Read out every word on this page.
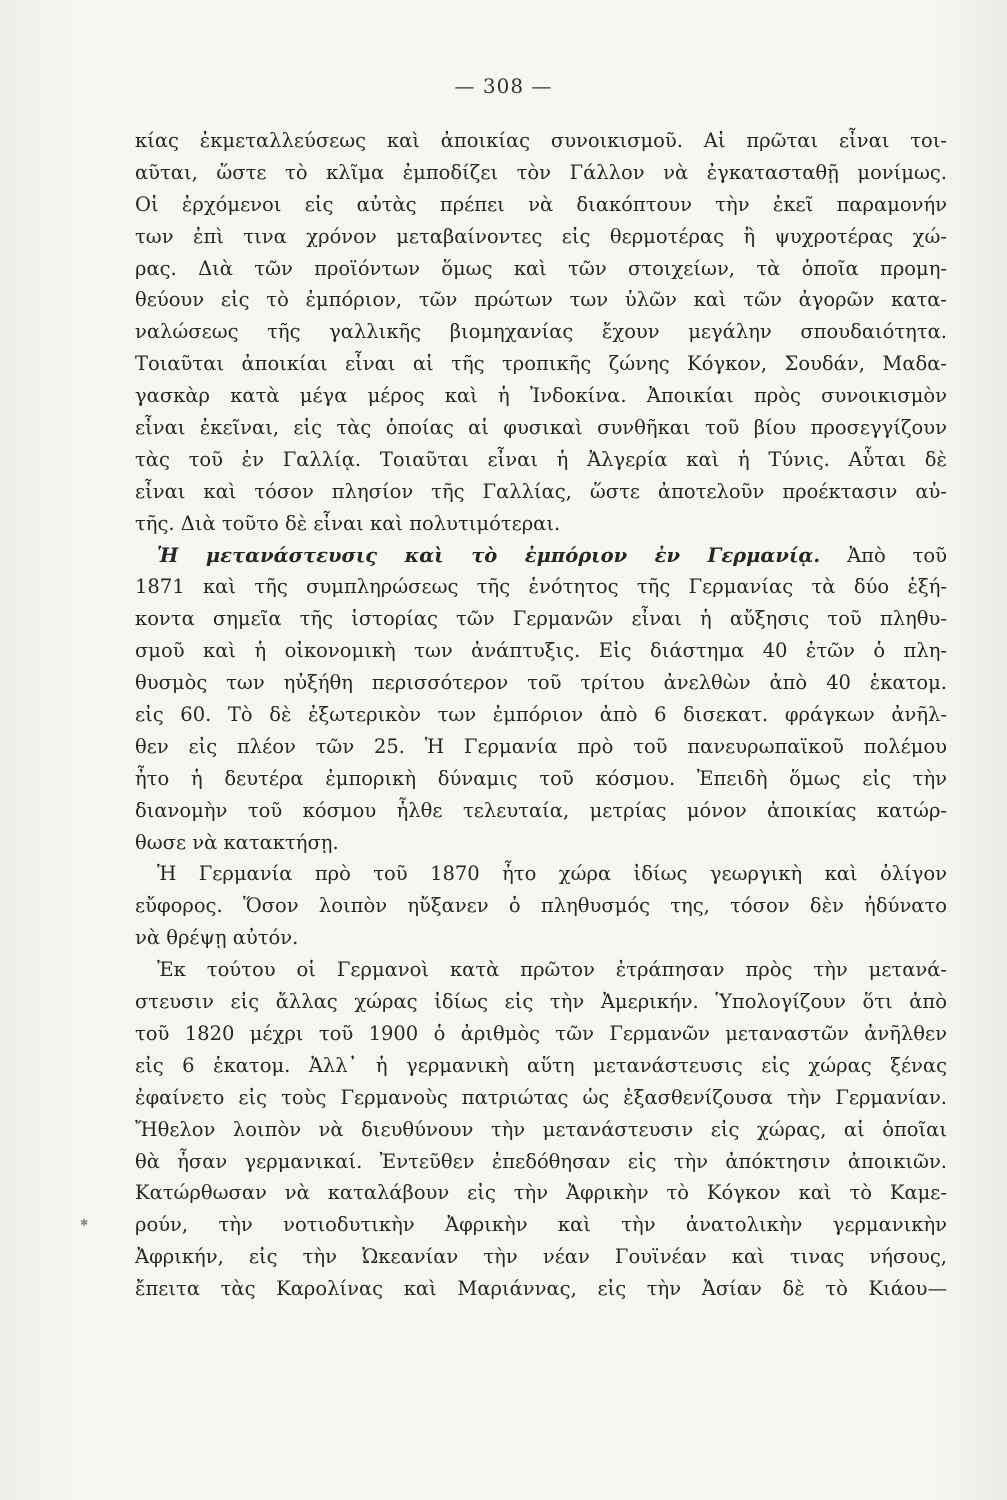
— 308 —
κίας ἐκμεταλλεύσεως καὶ ἀποικίας συνοικισμοῦ. Αἱ πρῶται εἶναι τοι-
αῦται, ὥστε τὸ κλῖμα ἐμποδίζει τὸν Γάλλον νὰ ἐγκατασταθῇ μονίμως.
Οἱ ἐρχόμενοι εἰς αὐτὰς πρέπει νὰ διακόπτουν τὴν ἐκεῖ παραμονήν
των ἐπὶ τινα χρόνον μεταβαίνοντες εἰς θερμοτέρας ἢ ψυχροτέρας χώ-
ρας. Διὰ τῶν προϊόντων ὅμως καὶ τῶν στοιχείων, τὰ ὁποῖα προμη-
θεύουν εἰς τὸ ἐμπόριον, τῶν πρώτων των ὑλῶν καὶ τῶν ἀγορῶν κατα-
ναλώσεως τῆς γαλλικῆς βιομηχανίας ἔχουν μεγάλην σπουδαιότητα.
Τοιαῦται ἀποικίαι εἶναι αἱ τῆς τροπικῆς ζώνης Κόγκον, Σουδάν, Μαδα-
γασκὰρ κατὰ μέγα μέρος καὶ ἡ Ἰνδοκίνα. Ἀποικίαι πρὸς συνοικισμὸν
εἶναι ἐκεῖναι, εἰς τὰς ὁποίας αἱ φυσικαὶ συνθῆκαι τοῦ βίου προσεγγίζουν
τὰς τοῦ ἐν Γαλλίᾳ. Τοιαῦται εἶναι ἡ Ἀλγερία καὶ ἡ Τύνις. Αὗται δὲ
εἶναι καὶ τόσον πλησίον τῆς Γαλλίας, ὥστε ἀποτελοῦν προέκτασιν αὐ-
τῆς. Διὰ τοῦτο δὲ εἶναι καὶ πολυτιμότεραι.
Ἡ μετανάστευσις καὶ τὸ ἐμπόριον ἐν Γερμανίᾳ. Ἀπὸ τοῦ
1871 καὶ τῆς συμπληρώσεως τῆς ἑνότητος τῆς Γερμανίας τὰ δύο ἑξή-
κοντα σημεῖα τῆς ἱστορίας τῶν Γερμανῶν εἶναι ἡ αὔξησις τοῦ πληθυ-
σμοῦ καὶ ἡ οἰκονομικὴ των ἀνάπτυξις. Εἰς διάστημα 40 ἐτῶν ὁ πλη-
θυσμὸς των ηὐξήθη περισσότερον τοῦ τρίτου ἀνελθὼν ἀπὸ 40 ἑκατομ.
εἰς 60. Τὸ δὲ ἐξωτερικὸν των ἐμπόριον ἀπὸ 6 δισεκατ. φράγκων ἀνῆλ-
θεν εἰς πλέον τῶν 25. Ἡ Γερμανία πρὸ τοῦ πανευρωπαϊκοῦ πολέμου
ἦτο ἡ δευτέρα ἐμπορικὴ δύναμις τοῦ κόσμου. Ἐπειδὴ ὅμως εἰς τὴν
διανομὴν τοῦ κόσμου ἦλθε τελευταία, μετρίας μόνον ἀποικίας κατώρ-
θωσε νὰ κατακτήσῃ.
Ἡ Γερμανία πρὸ τοῦ 1870 ἦτο χώρα ἰδίως γεωργικὴ καὶ ὀλίγον
εὔφορος. Ὅσον λοιπὸν ηὔξανεν ὁ πληθυσμός της, τόσον δὲν ἠδύνατο
νὰ θρέψῃ αὐτόν.
Ἐκ τούτου οἱ Γερμανοὶ κατὰ πρῶτον ἐτράπησαν πρὸς τὴν μετανά-
στευσιν εἰς ἄλλας χώρας ἰδίως εἰς τὴν Ἀμερικήν. Ὑπολογίζουν ὅτι ἀπὸ
τοῦ 1820 μέχρι τοῦ 1900 ὁ ἀριθμὸς τῶν Γερμανῶν μεταναστῶν ἀνῆλθεν
εἰς 6 ἑκατομ. Ἀλλ᾽ ἡ γερμανικὴ αὕτη μετανάστευσις εἰς χώρας ξένας
ἐφαίνετο εἰς τοὺς Γερμανοὺς πατριώτας ὡς ἐξασθενίζουσα τὴν Γερμανίαν.
Ἤθελον λοιπὸν νὰ διευθύνουν τὴν μετανάστευσιν εἰς χώρας, αἱ ὁποῖαι
θὰ ἦσαν γερμανικαί. Ἐντεῦθεν ἐπεδόθησαν εἰς τὴν ἀπόκτησιν ἀποικιῶν.
Κατώρθωσαν νὰ καταλάβουν εἰς τὴν Ἀφρικὴν τὸ Κόγκον καὶ τὸ Καμε-
ρούν, τὴν νοτιοδυτικὴν Ἀφρικὴν καὶ τὴν ἀνατολικὴν γερμανικὴν
Ἀφρικήν, εἰς τὴν Ὠκεανίαν τὴν νέαν Γουϊνέαν καὶ τινας νήσους,
ἔπειτα τὰς Καρολίνας καὶ Μαριάννας, εἰς τὴν Ἀσίαν δὲ τὸ Κιάου—
✱
